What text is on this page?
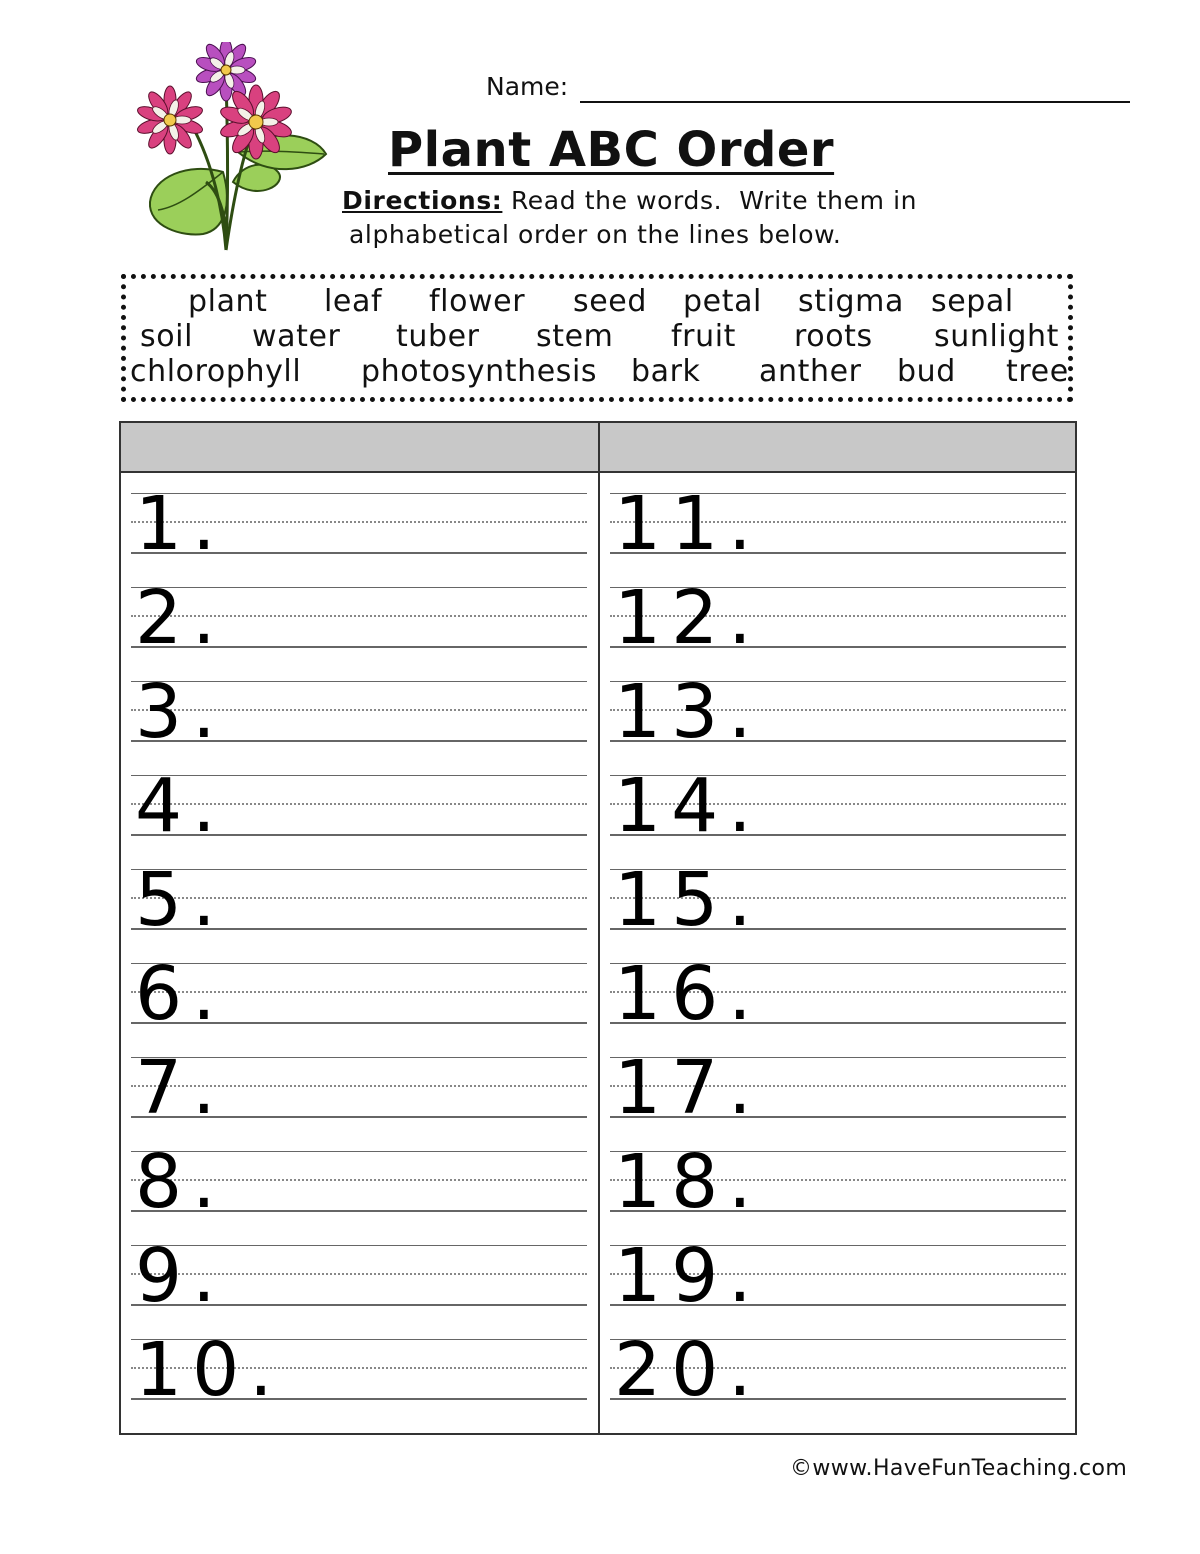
Name:
Plant ABC Order
Directions: Read the words.  Write them in
alphabetical order on the lines below.
plant leaf flower seed petal stigma sepal
soil water tuber stem fruit roots sunlight
chlorophyll photosynthesis bark anther bud tree
1.
2.
3.
4.
5.
6.
7.
8.
9.
10.
11.
12.
13.
14.
15.
16.
17.
18.
19.
20.
©www.HaveFunTeaching.com
